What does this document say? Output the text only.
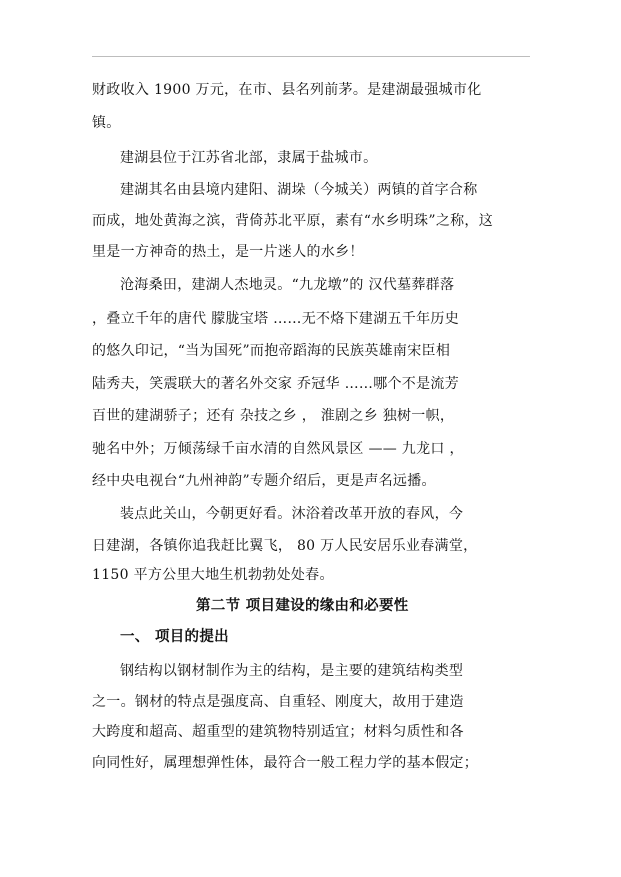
财政收入 1900 万元，在市、县名列前茅。是建湖最强城市化
镇。
建湖县位于江苏省北部，隶属于盐城市。
建湖其名由县境内建阳、湖垛（今城关）两镇的首字合称
而成，地处黄海之滨，背倚苏北平原，素有“水乡明珠”之称，这
里是一方神奇的热土，是一片迷人的水乡！
沧海桑田，建湖人杰地灵。“九龙墩”的 汉代墓葬群落
，叠立千年的唐代 朦胧宝塔 ……无不烙下建湖五千年历史
的悠久印记，“当为国死”而抱帝蹈海的民族英雄南宋臣相
陆秀夫，笑震联大的著名外交家 乔冠华 ……哪个不是流芳
百世的建湖骄子；还有 杂技之乡 ， 淮剧之乡 独树一帜，
驰名中外；万倾荡绿千亩水清的自然风景区 —— 九龙口 ，
经中央电视台“九州神韵”专题介绍后，更是声名远播。
装点此关山，今朝更好看。沐浴着改革开放的春风，今
日建湖，各镇你追我赶比翼飞， 80 万人民安居乐业春满堂，
1150 平方公里大地生机勃勃处处春。
第二节 项目建设的缘由和必要性
一、 项目的提出
钢结构以钢材制作为主的结构，是主要的建筑结构类型
之一。钢材的特点是强度高、自重轻、刚度大，故用于建造
大跨度和超高、超重型的建筑物特别适宜；材料匀质性和各
向同性好，属理想弹性体，最符合一般工程力学的基本假定；
